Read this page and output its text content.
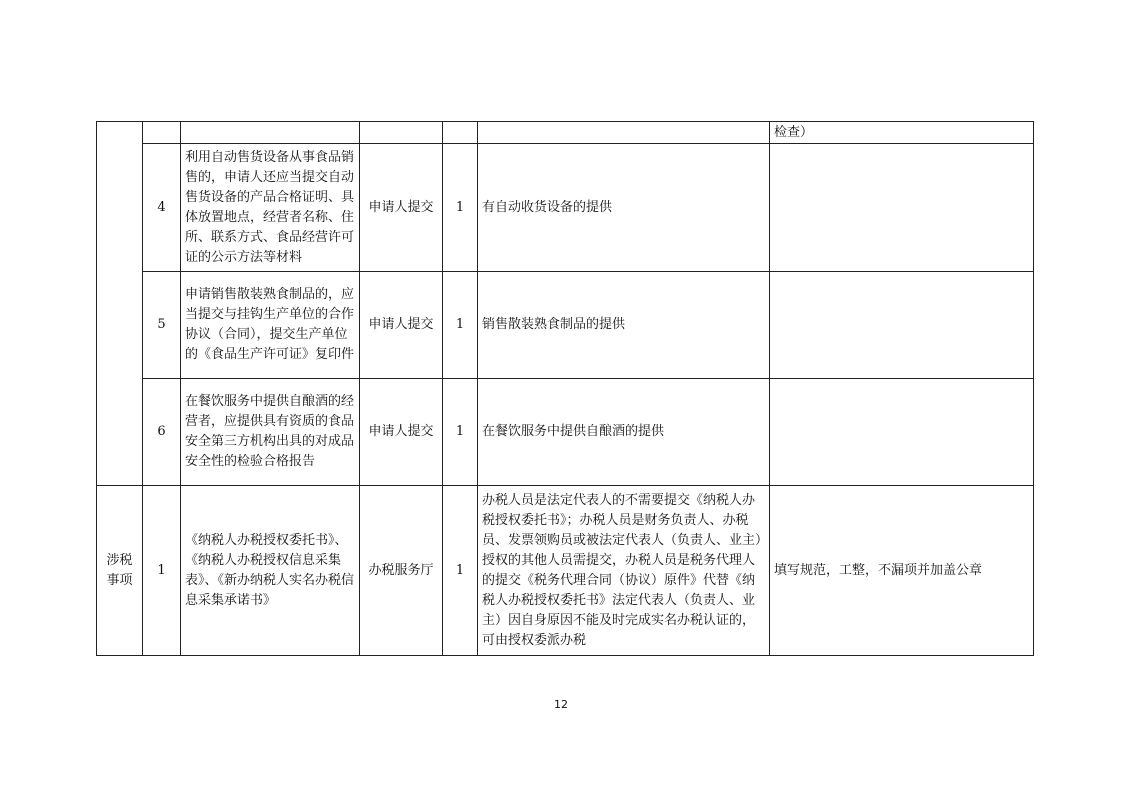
						检查）
	4	利用自动售货设备从事食品销售的，申请人还应当提交自动售货设备的产品合格证明、具体放置地点，经营者名称、住所、联系方式、食品经营许可证的公示方法等材料	申请人提交	1	有自动收货设备的提供	
	5	申请销售散装熟食制品的，应当提交与挂钩生产单位的合作协议（合同），提交生产单位的《食品生产许可证》复印件	申请人提交	1	销售散装熟食制品的提供	
	6	在餐饮服务中提供自酿酒的经营者，应提供具有资质的食品安全第三方机构出具的对成品安全性的检验合格报告	申请人提交	1	在餐饮服务中提供自酿酒的提供	
涉税事项	1	《纳税人办税授权委托书》、《纳税人办税授权信息采集表》、《新办纳税人实名办税信息采集承诺书》	办税服务厅	1	办税人员是法定代表人的不需要提交《纳税人办税授权委托书》；办税人员是财务负责人、办税员、发票领购员或被法定代表人（负责人、业主）授权的其他人员需提交，办税人员是税务代理人的提交《税务代理合同（协议）原件》代替《纳税人办税授权委托书》法定代表人（负责人、业主）因自身原因不能及时完成实名办税认证的，可由授权委派办税	填写规范，工整，不漏项并加盖公章
12
